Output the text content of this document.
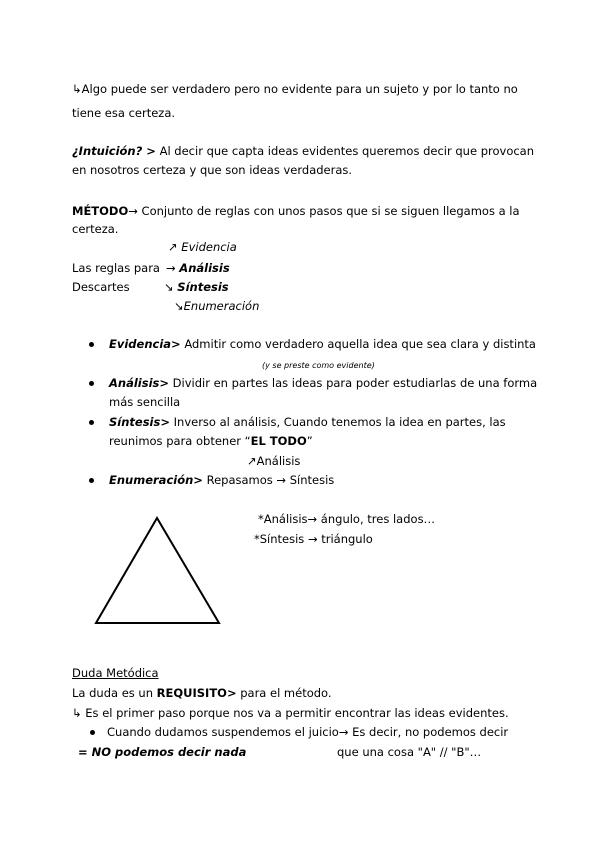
↳Algo puede ser verdadero pero no evidente para un sujeto y por lo tanto no
tiene esa certeza.
¿Intuición? > Al decir que capta ideas evidentes queremos decir que provocan
en nosotros certeza y que son ideas verdaderas.
MÉTODO→ Conjunto de reglas con unos pasos que si se siguen llegamos a la
certeza.
↗ Evidencia
Las reglas para → Análisis
Descartes	↘ Síntesis
↘Enumeración
Evidencia> Admitir como verdadero aquella idea que sea clara y distinta
(y se preste como evidente)
Análisis> Dividir en partes las ideas para poder estudiarlas de una forma
más sencilla
Síntesis> Inverso al análisis, Cuando tenemos la idea en partes, las
reunimos para obtener “EL TODO”
↗Análisis
Enumeración> Repasamos → Síntesis
*Análisis→ ángulo, tres lados…
*Síntesis → triángulo
Duda Metódica
La duda es un REQUISITO> para el método.
↳ Es el primer paso porque nos va a permitir encontrar las ideas evidentes.
Cuando dudamos suspendemos el juicio→ Es decir, no podemos decir
= NO podemos decir nada	que una cosa "A" // "B"…
